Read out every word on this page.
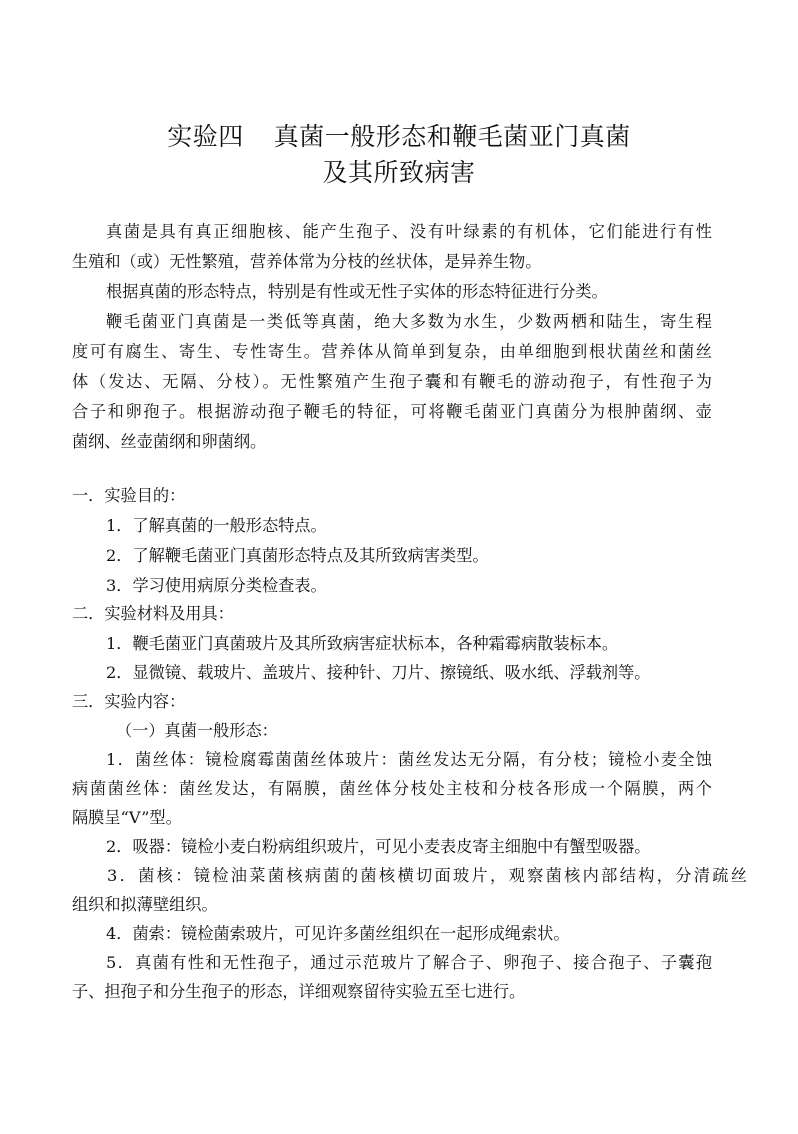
实验四 真菌一般形态和鞭毛菌亚门真菌
及其所致病害
真菌是具有真正细胞核、能产生孢子、没有叶绿素的有机体，它们能进行有性
生殖和（或）无性繁殖，营养体常为分枝的丝状体，是异养生物。
根据真菌的形态特点，特别是有性或无性子实体的形态特征进行分类。
鞭毛菌亚门真菌是一类低等真菌，绝大多数为水生，少数两栖和陆生，寄生程
度可有腐生、寄生、专性寄生。营养体从简单到复杂，由单细胞到根状菌丝和菌丝
体（发达、无隔、分枝）。无性繁殖产生孢子囊和有鞭毛的游动孢子，有性孢子为
合子和卵孢子。根据游动孢子鞭毛的特征，可将鞭毛菌亚门真菌分为根肿菌纲、壶
菌纲、丝壶菌纲和卵菌纲。
一．实验目的：
1．了解真菌的一般形态特点。
2．了解鞭毛菌亚门真菌形态特点及其所致病害类型。
3．学习使用病原分类检查表。
二．实验材料及用具：
1．鞭毛菌亚门真菌玻片及其所致病害症状标本，各种霜霉病散装标本。
2．显微镜、载玻片、盖玻片、接种针、刀片、擦镜纸、吸水纸、浮载剂等。
三．实验内容：
（一）真菌一般形态：
1．菌丝体：镜检腐霉菌菌丝体玻片：菌丝发达无分隔，有分枝；镜检小麦全蚀
病菌菌丝体：菌丝发达，有隔膜，菌丝体分枝处主枝和分枝各形成一个隔膜，两个
隔膜呈“V”型。
2．吸器：镜检小麦白粉病组织玻片，可见小麦表皮寄主细胞中有蟹型吸器。
3．菌核：镜检油菜菌核病菌的菌核横切面玻片，观察菌核内部结构，分清疏丝
组织和拟薄壁组织。
4．菌索：镜检菌索玻片，可见许多菌丝组织在一起形成绳索状。
5．真菌有性和无性孢子，通过示范玻片了解合子、卵孢子、接合孢子、子囊孢
子、担孢子和分生孢子的形态，详细观察留待实验五至七进行。
